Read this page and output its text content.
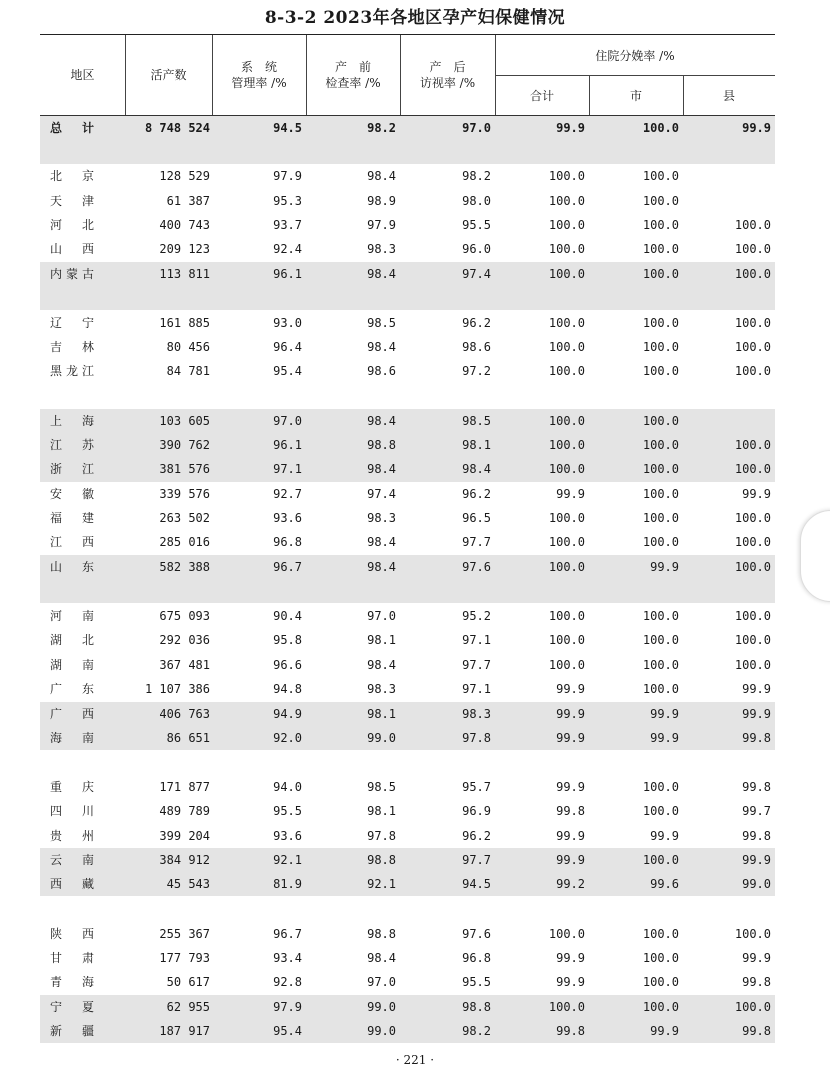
8-3-2 2023年各地区孕产妇保健情况
地区	活产数
系　统
管理率 /%
产　前
检查率 /%
产　后
访视率 /%
住院分娩率 /%
合计	市	县
总　计	8 748 524	94.5	98.2	97.0	99.9	100.0	99.9
北　京	128 529	97.9	98.4	98.2	100.0	100.0
天　津	61 387	95.3	98.9	98.0	100.0	100.0
河　北	400 743	93.7	97.9	95.5	100.0	100.0	100.0
山　西	209 123	92.4	98.3	96.0	100.0	100.0	100.0
内蒙古	113 811	96.1	98.4	97.4	100.0	100.0	100.0
辽　宁	161 885	93.0	98.5	96.2	100.0	100.0	100.0
吉　林	80 456	96.4	98.4	98.6	100.0	100.0	100.0
黑龙江	84 781	95.4	98.6	97.2	100.0	100.0	100.0
上　海	103 605	97.0	98.4	98.5	100.0	100.0
江　苏	390 762	96.1	98.8	98.1	100.0	100.0	100.0
浙　江	381 576	97.1	98.4	98.4	100.0	100.0	100.0
安　徽	339 576	92.7	97.4	96.2	99.9	100.0	99.9
福　建	263 502	93.6	98.3	96.5	100.0	100.0	100.0
江　西	285 016	96.8	98.4	97.7	100.0	100.0	100.0
山　东	582 388	96.7	98.4	97.6	100.0	99.9	100.0
河　南	675 093	90.4	97.0	95.2	100.0	100.0	100.0
湖　北	292 036	95.8	98.1	97.1	100.0	100.0	100.0
湖　南	367 481	96.6	98.4	97.7	100.0	100.0	100.0
广　东	1 107 386	94.8	98.3	97.1	99.9	100.0	99.9
广　西	406 763	94.9	98.1	98.3	99.9	99.9	99.9
海　南	86 651	92.0	99.0	97.8	99.9	99.9	99.8
重　庆	171 877	94.0	98.5	95.7	99.9	100.0	99.8
四　川	489 789	95.5	98.1	96.9	99.8	100.0	99.7
贵　州	399 204	93.6	97.8	96.2	99.9	99.9	99.8
云　南	384 912	92.1	98.8	97.7	99.9	100.0	99.9
西　藏	45 543	81.9	92.1	94.5	99.2	99.6	99.0
陕　西	255 367	96.7	98.8	97.6	100.0	100.0	100.0
甘　肃	177 793	93.4	98.4	96.8	99.9	100.0	99.9
青　海	50 617	92.8	97.0	95.5	99.9	100.0	99.8
宁　夏	62 955	97.9	99.0	98.8	100.0	100.0	100.0
新　疆	187 917	95.4	99.0	98.2	99.8	99.9	99.8
· 221 ·
